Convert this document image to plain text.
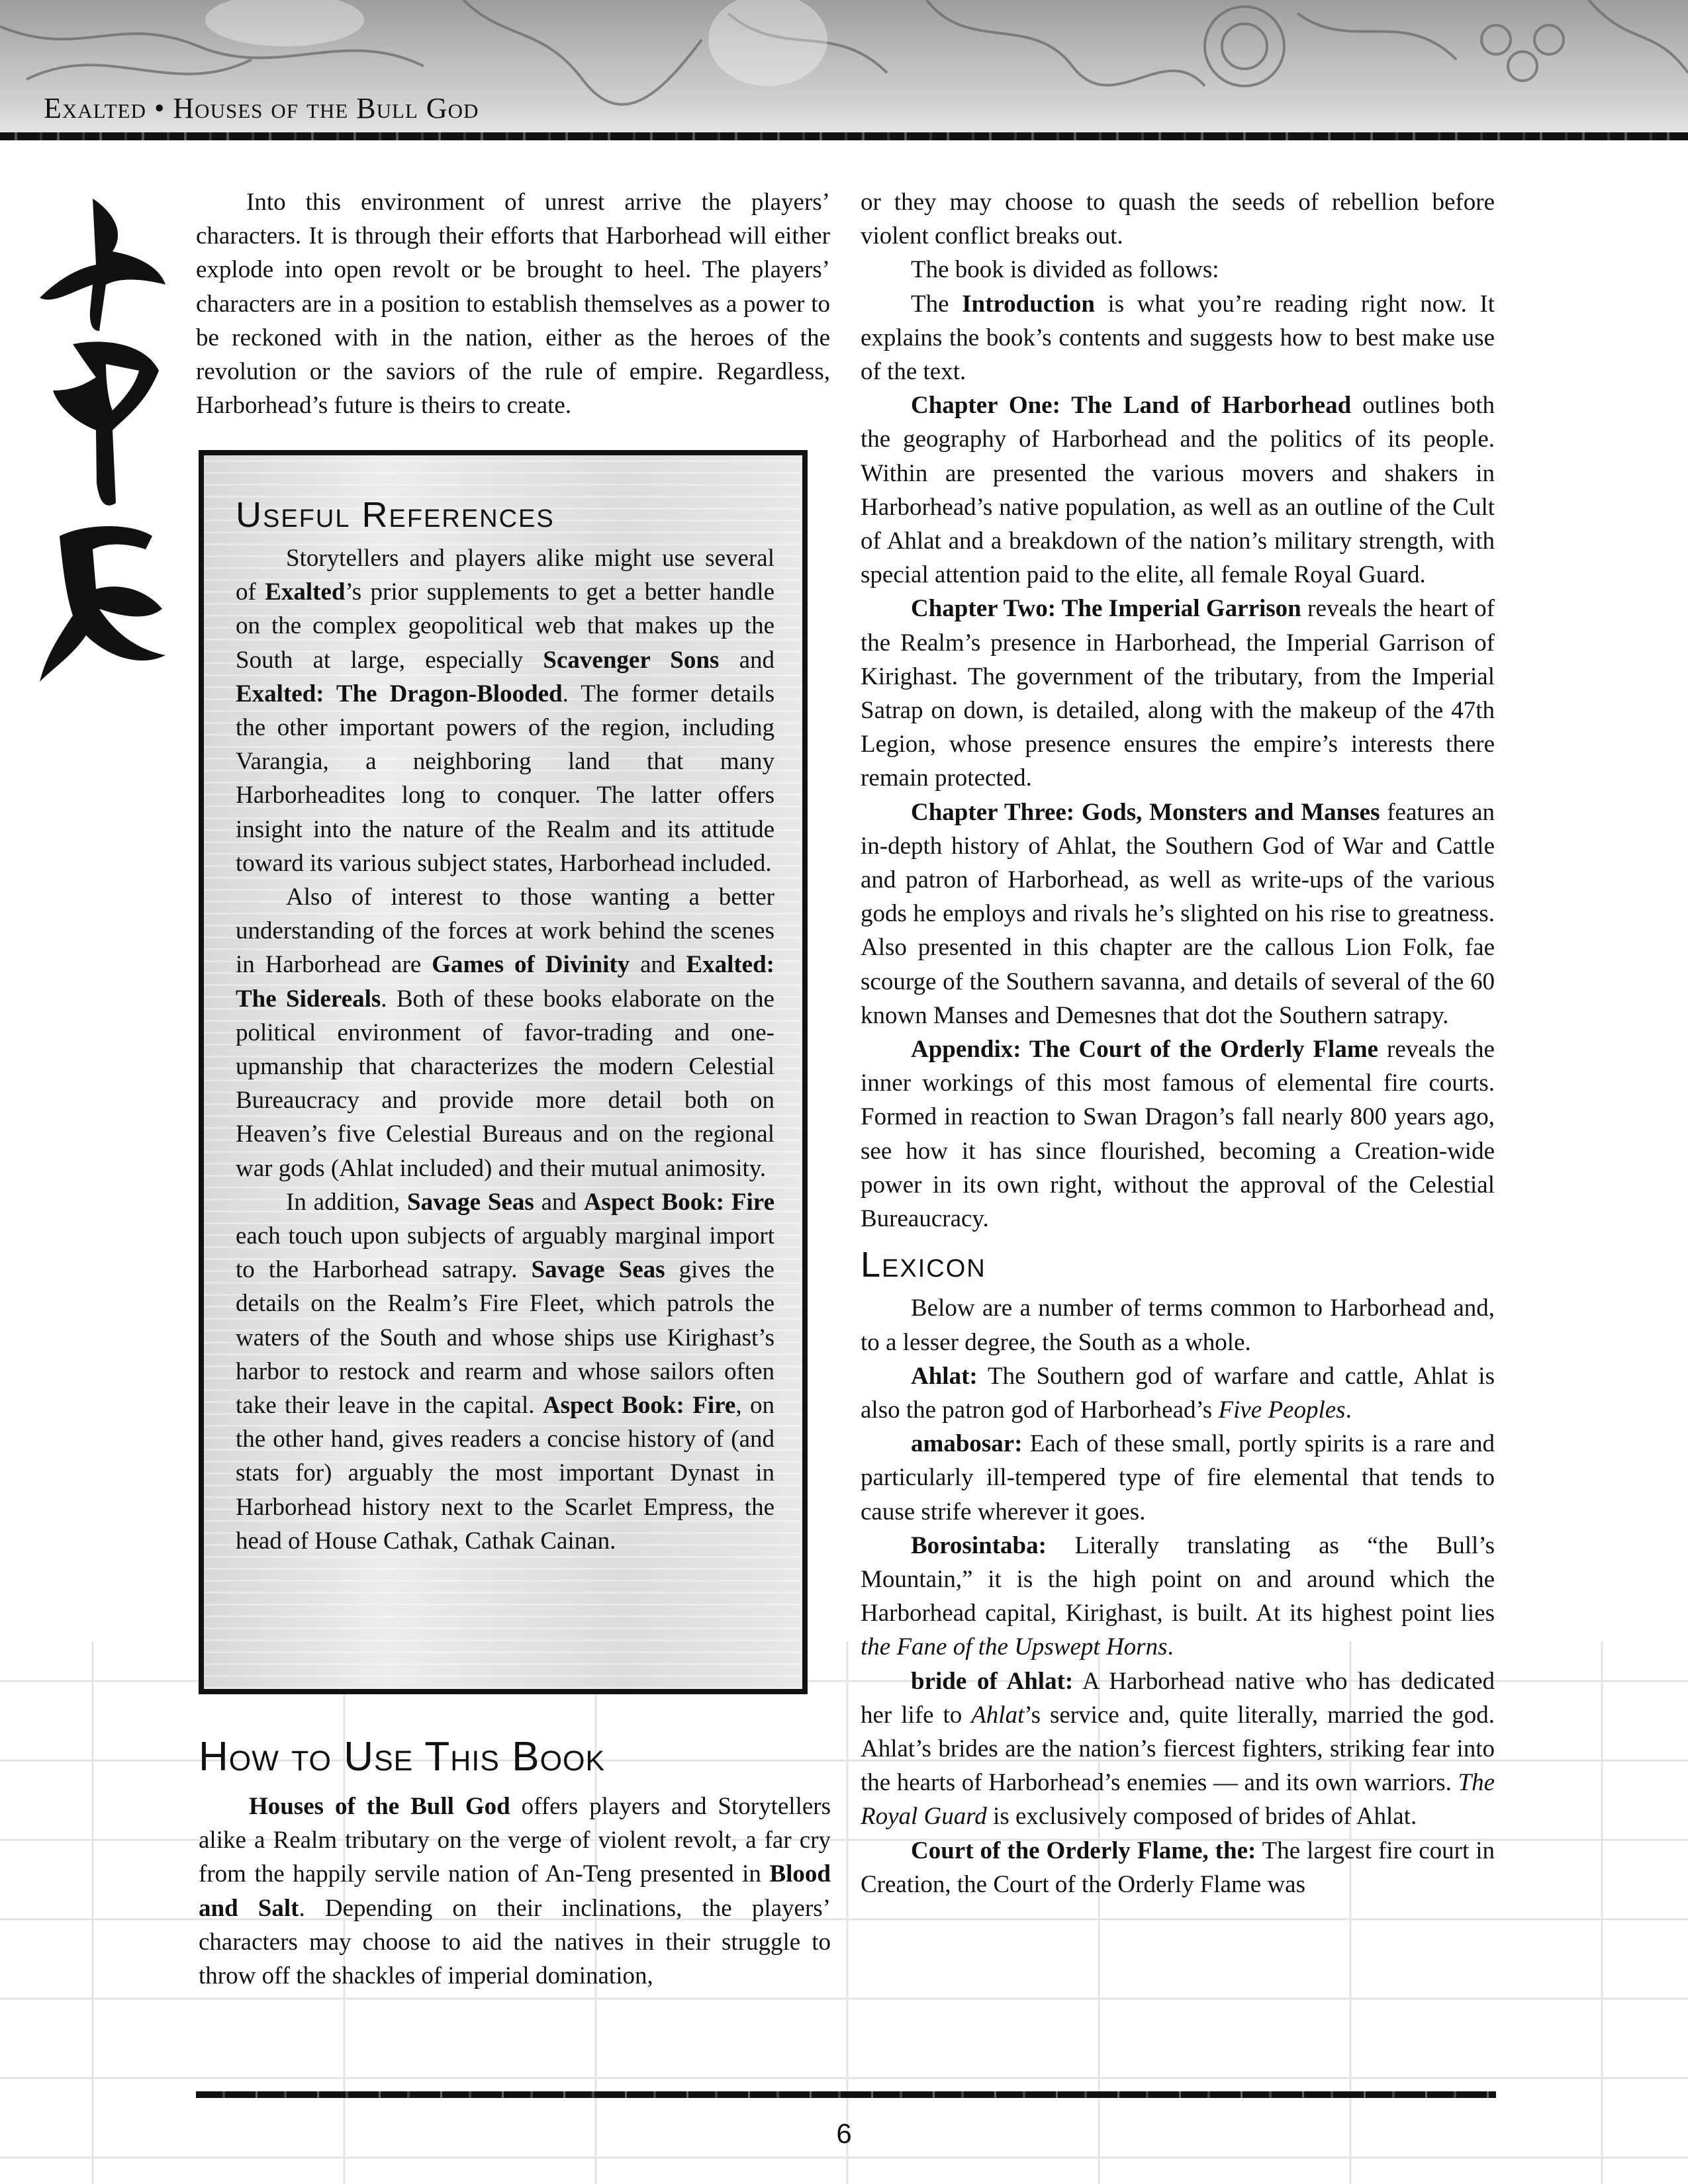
Exalted • Houses of the Bull God

Into this environment of unrest arrive the players’ characters. It is through their efforts that Harborhead will either explode into open revolt or be brought to heel. The players’ characters are in a position to establish themselves as a power to be reckoned with in the nation, either as the heroes of the revolution or the saviors of the rule of empire. Regardless, Harborhead’s future is theirs to create.

Useful References

Storytellers and players alike might use several of Exalted’s prior supplements to get a better handle on the complex geopolitical web that makes up the South at large, especially Scavenger Sons and Exalted: The Dragon-Blooded. The former details the other important powers of the region, including Varangia, a neighboring land that many Harborheadites long to conquer. The latter offers insight into the nature of the Realm and its attitude toward its various subject states, Harborhead included.

Also of interest to those wanting a better understanding of the forces at work behind the scenes in Harborhead are Games of Divinity and Exalted: The Sidereals. Both of these books elaborate on the political environment of favor-trading and one-upmanship that characterizes the modern Celestial Bureaucracy and provide more detail both on Heaven’s five Celestial Bureaus and on the regional war gods (Ahlat included) and their mutual animosity.

In addition, Savage Seas and Aspect Book: Fire each touch upon subjects of arguably marginal import to the Harborhead satrapy. Savage Seas gives the details on the Realm’s Fire Fleet, which patrols the waters of the South and whose ships use Kirighast’s harbor to restock and rearm and whose sailors often take their leave in the capital. Aspect Book: Fire, on the other hand, gives readers a concise history of (and stats for) arguably the most important Dynast in Harborhead history next to the Scarlet Empress, the head of House Cathak, Cathak Cainan.

How to Use This Book

Houses of the Bull God offers players and Storytellers alike a Realm tributary on the verge of violent revolt, a far cry from the happily servile nation of An-Teng presented in Blood and Salt. Depending on their inclinations, the players’ characters may choose to aid the natives in their struggle to throw off the shackles of imperial domination,

or they may choose to quash the seeds of rebellion before violent conflict breaks out.

The book is divided as follows:

The Introduction is what you’re reading right now. It explains the book’s contents and suggests how to best make use of the text.

Chapter One: The Land of Harborhead outlines both the geography of Harborhead and the politics of its people. Within are presented the various movers and shakers in Harborhead’s native population, as well as an outline of the Cult of Ahlat and a breakdown of the nation’s military strength, with special attention paid to the elite, all female Royal Guard.

Chapter Two: The Imperial Garrison reveals the heart of the Realm’s presence in Harborhead, the Imperial Garrison of Kirighast. The government of the tributary, from the Imperial Satrap on down, is detailed, along with the makeup of the 47th Legion, whose presence ensures the empire’s interests there remain protected.

Chapter Three: Gods, Monsters and Manses features an in-depth history of Ahlat, the Southern God of War and Cattle and patron of Harborhead, as well as write-ups of the various gods he employs and rivals he’s slighted on his rise to greatness. Also presented in this chapter are the callous Lion Folk, fae scourge of the Southern savanna, and details of several of the 60 known Manses and Demesnes that dot the Southern satrapy.

Appendix: The Court of the Orderly Flame reveals the inner workings of this most famous of elemental fire courts. Formed in reaction to Swan Dragon’s fall nearly 800 years ago, see how it has since flourished, becoming a Creation-wide power in its own right, without the approval of the Celestial Bureaucracy.

Lexicon

Below are a number of terms common to Harborhead and, to a lesser degree, the South as a whole.

Ahlat: The Southern god of warfare and cattle, Ahlat is also the patron god of Harborhead’s Five Peoples.

amabosar: Each of these small, portly spirits is a rare and particularly ill-tempered type of fire elemental that tends to cause strife wherever it goes.

Borosintaba: Literally translating as “the Bull’s Mountain,” it is the high point on and around which the Harborhead capital, Kirighast, is built. At its highest point lies the Fane of the Upswept Horns.

bride of Ahlat: A Harborhead native who has dedicated her life to Ahlat’s service and, quite literally, married the god. Ahlat’s brides are the nation’s fiercest fighters, striking fear into the hearts of Harborhead’s enemies — and its own warriors. The Royal Guard is exclusively composed of brides of Ahlat.

Court of the Orderly Flame, the: The largest fire court in Creation, the Court of the Orderly Flame was

6
